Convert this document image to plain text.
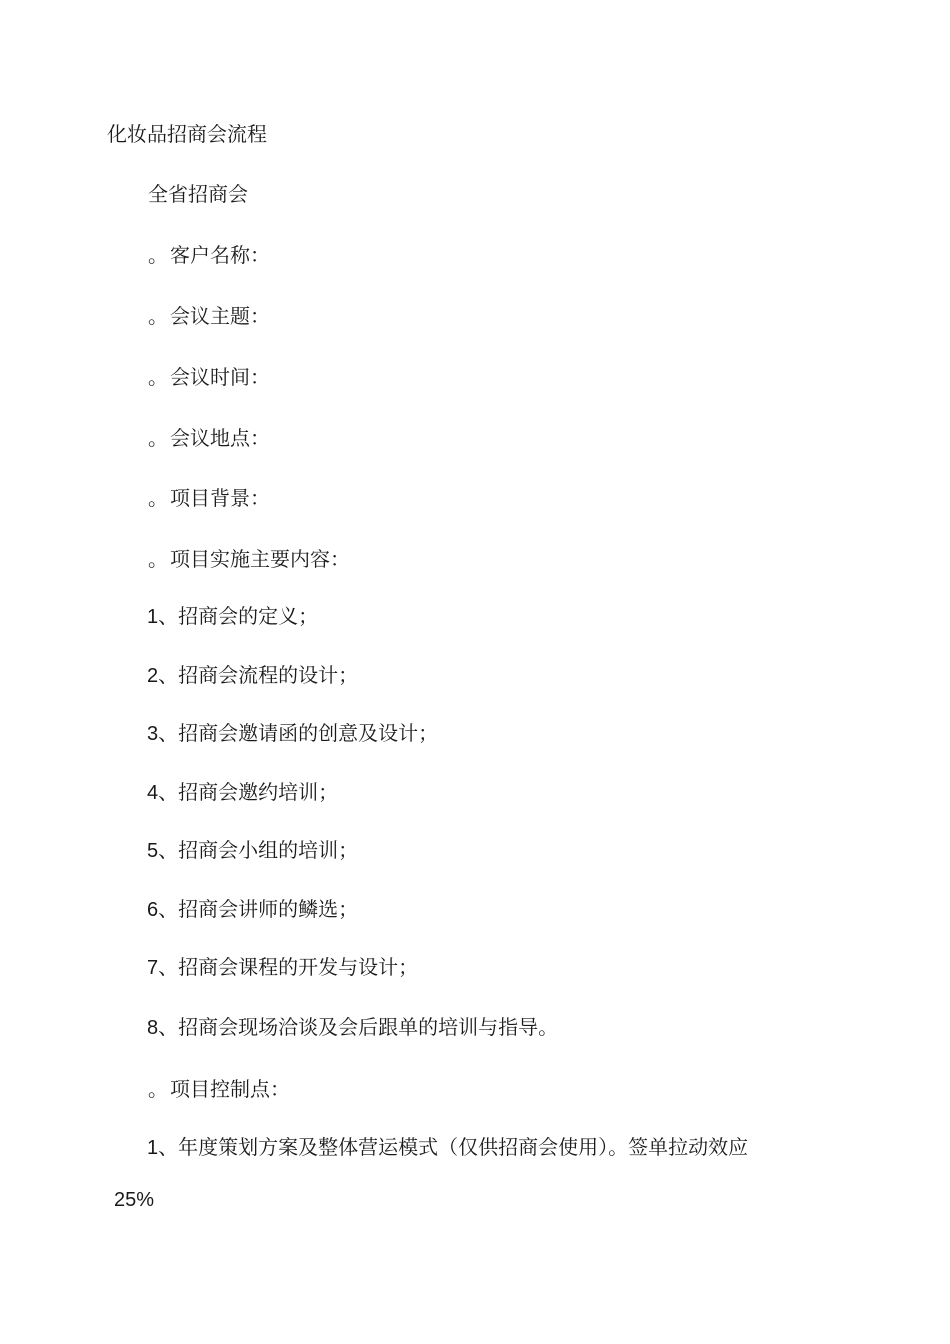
化妆品招商会流程
全省招商会
。 客户名称：
。 会议主题：
。 会议时间：
。 会议地点：
。 项目背景：
。 项目实施主要内容：
1、招商会的定义；
2、招商会流程的设计；
3、招商会邀请函的创意及设计；
4、招商会邀约培训；
5、招商会小组的培训；
6、招商会讲师的鳞选；
7、招商会课程的开发与设计；
8、招商会现场洽谈及会后跟单的培训与指导。
。 项目控制点：
1、年度策划方案及整体营运模式（仅供招商会使用）。签单拉动效应
25%
